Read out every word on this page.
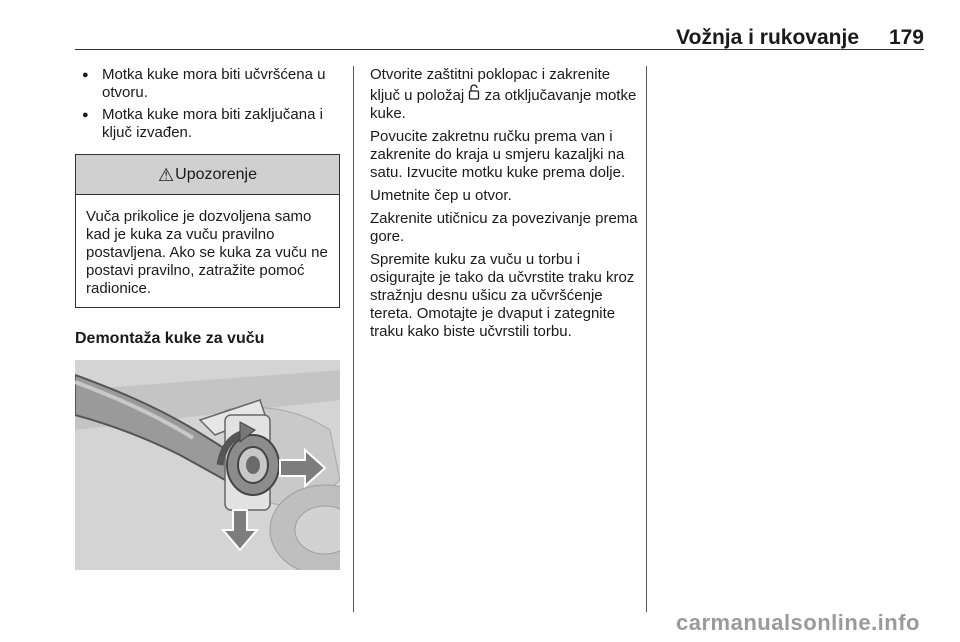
Vožnja i rukovanje 179
● Motka kuke mora biti učvršćena u otvoru.
● Motka kuke mora biti zaključana i ključ izvađen.
⚠ Upozorenje
Vuča prikolice je dozvoljena samo kad je kuka za vuču pravilno postavljena. Ako se kuka za vuču ne postavi pravilno, zatražite pomoć radionice.
Demontaža kuke za vuču
Otvorite zaštitni poklopac i zakrenite ključ u položaj za otključavanje motke kuke.
Povucite zakretnu ručku prema van i zakrenite do kraja u smjeru kazaljki na satu. Izvucite motku kuke prema dolje.
Umetnite čep u otvor.
Zakrenite utičnicu za povezivanje prema gore.
Spremite kuku za vuču u torbu i osigurajte je tako da učvrstite traku kroz stražnju desnu ušicu za učvršćenje tereta. Omotajte je dvaput i zategnite traku kako biste učvrstili torbu.
carmanualsonline.info
